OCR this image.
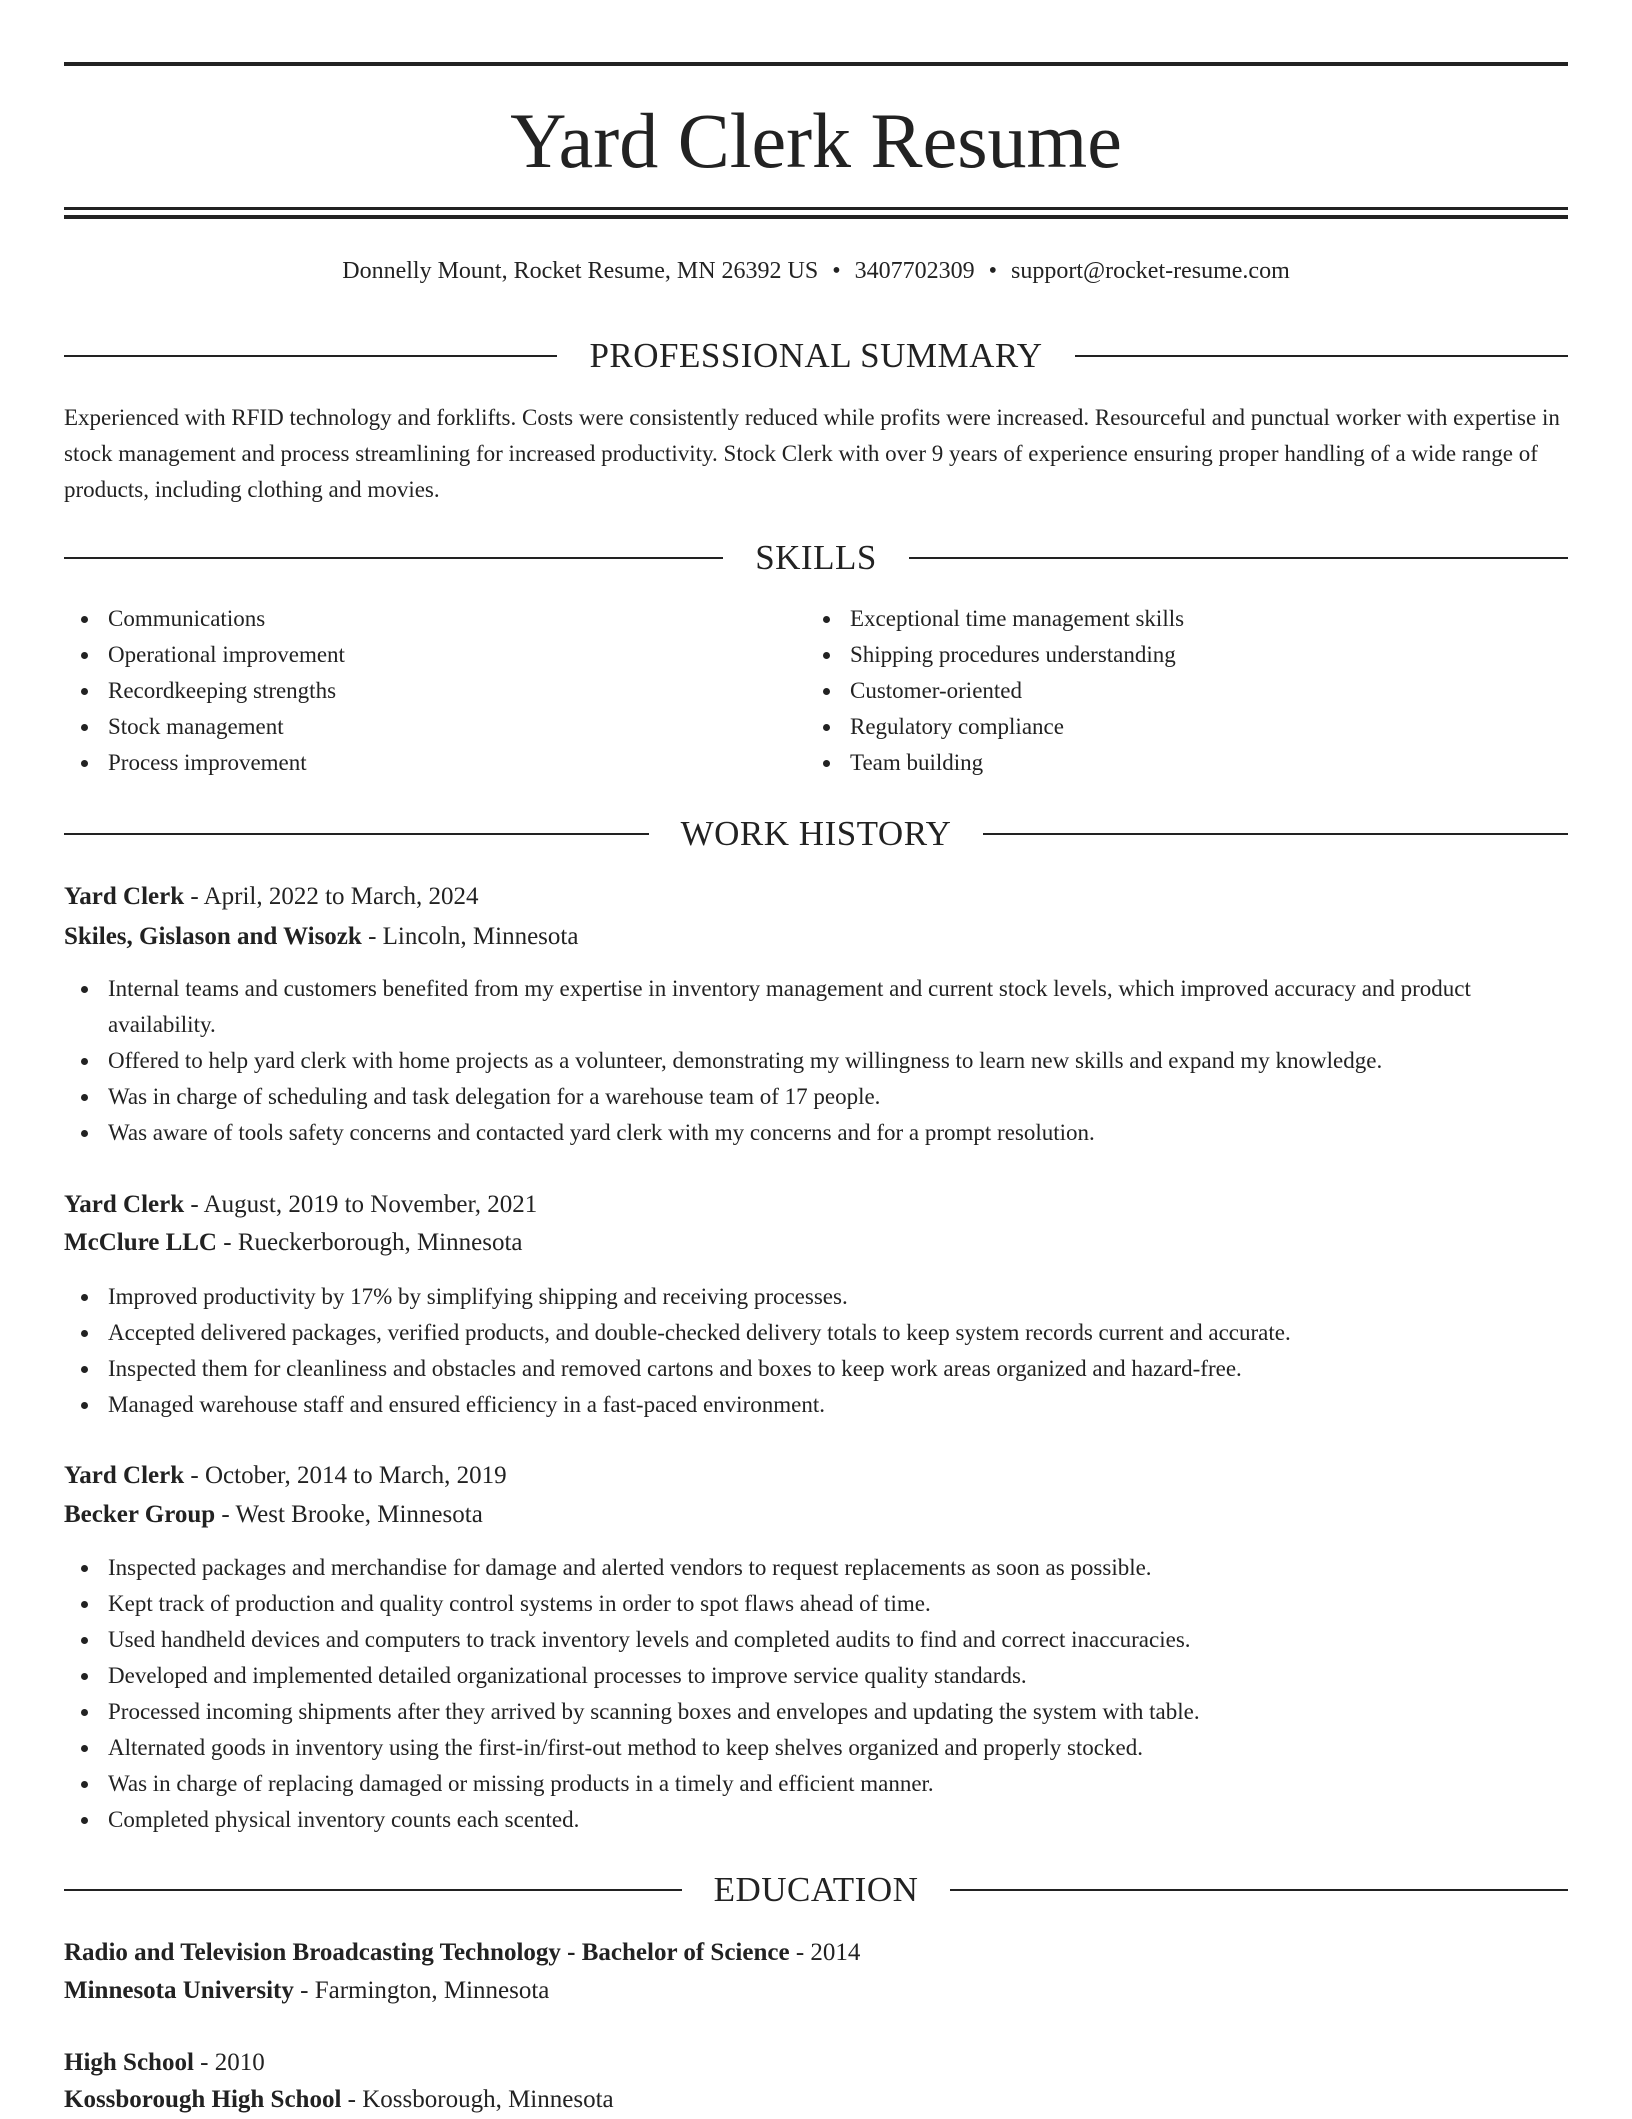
Yard Clerk Resume
Donnelly Mount, Rocket Resume, MN 26392 US • 3407702309 • support@rocket-resume.com
PROFESSIONAL SUMMARY

Experienced with RFID technology and forklifts. Costs were consistently reduced while profits were increased. Resourceful and punctual worker with expertise in stock management and process streamlining for increased productivity. Stock Clerk with over 9 years of experience ensuring proper handling of a wide range of products, including clothing and movies.

SKILLS
Communications
Operational improvement
Recordkeeping strengths
Stock management
Process improvement
Exceptional time management skills
Shipping procedures understanding
Customer-oriented
Regulatory compliance
Team building
WORK HISTORY

Yard Clerk - April, 2022 to March, 2024

Skiles, Gislason and Wisozk - Lincoln, Minnesota

Internal teams and customers benefited from my expertise in inventory management and current stock levels, which improved accuracy and product availability.
Offered to help yard clerk with home projects as a volunteer, demonstrating my willingness to learn new skills and expand my knowledge.
Was in charge of scheduling and task delegation for a warehouse team of 17 people.
Was aware of tools safety concerns and contacted yard clerk with my concerns and for a prompt resolution.

Yard Clerk - August, 2019 to November, 2021

McClure LLC - Rueckerborough, Minnesota

Improved productivity by 17% by simplifying shipping and receiving processes.
Accepted delivered packages, verified products, and double-checked delivery totals to keep system records current and accurate.
Inspected them for cleanliness and obstacles and removed cartons and boxes to keep work areas organized and hazard-free.
Managed warehouse staff and ensured efficiency in a fast-paced environment.

Yard Clerk - October, 2014 to March, 2019

Becker Group - West Brooke, Minnesota

Inspected packages and merchandise for damage and alerted vendors to request replacements as soon as possible.
Kept track of production and quality control systems in order to spot flaws ahead of time.
Used handheld devices and computers to track inventory levels and completed audits to find and correct inaccuracies.
Developed and implemented detailed organizational processes to improve service quality standards.
Processed incoming shipments after they arrived by scanning boxes and envelopes and updating the system with table.
Alternated goods in inventory using the first-in/first-out method to keep shelves organized and properly stocked.
Was in charge of replacing damaged or missing products in a timely and efficient manner.
Completed physical inventory counts each scented.
EDUCATION

Radio and Television Broadcasting Technology - Bachelor of Science - 2014

Minnesota University - Farmington, Minnesota

High School - 2010

Kossborough High School - Kossborough, Minnesota
